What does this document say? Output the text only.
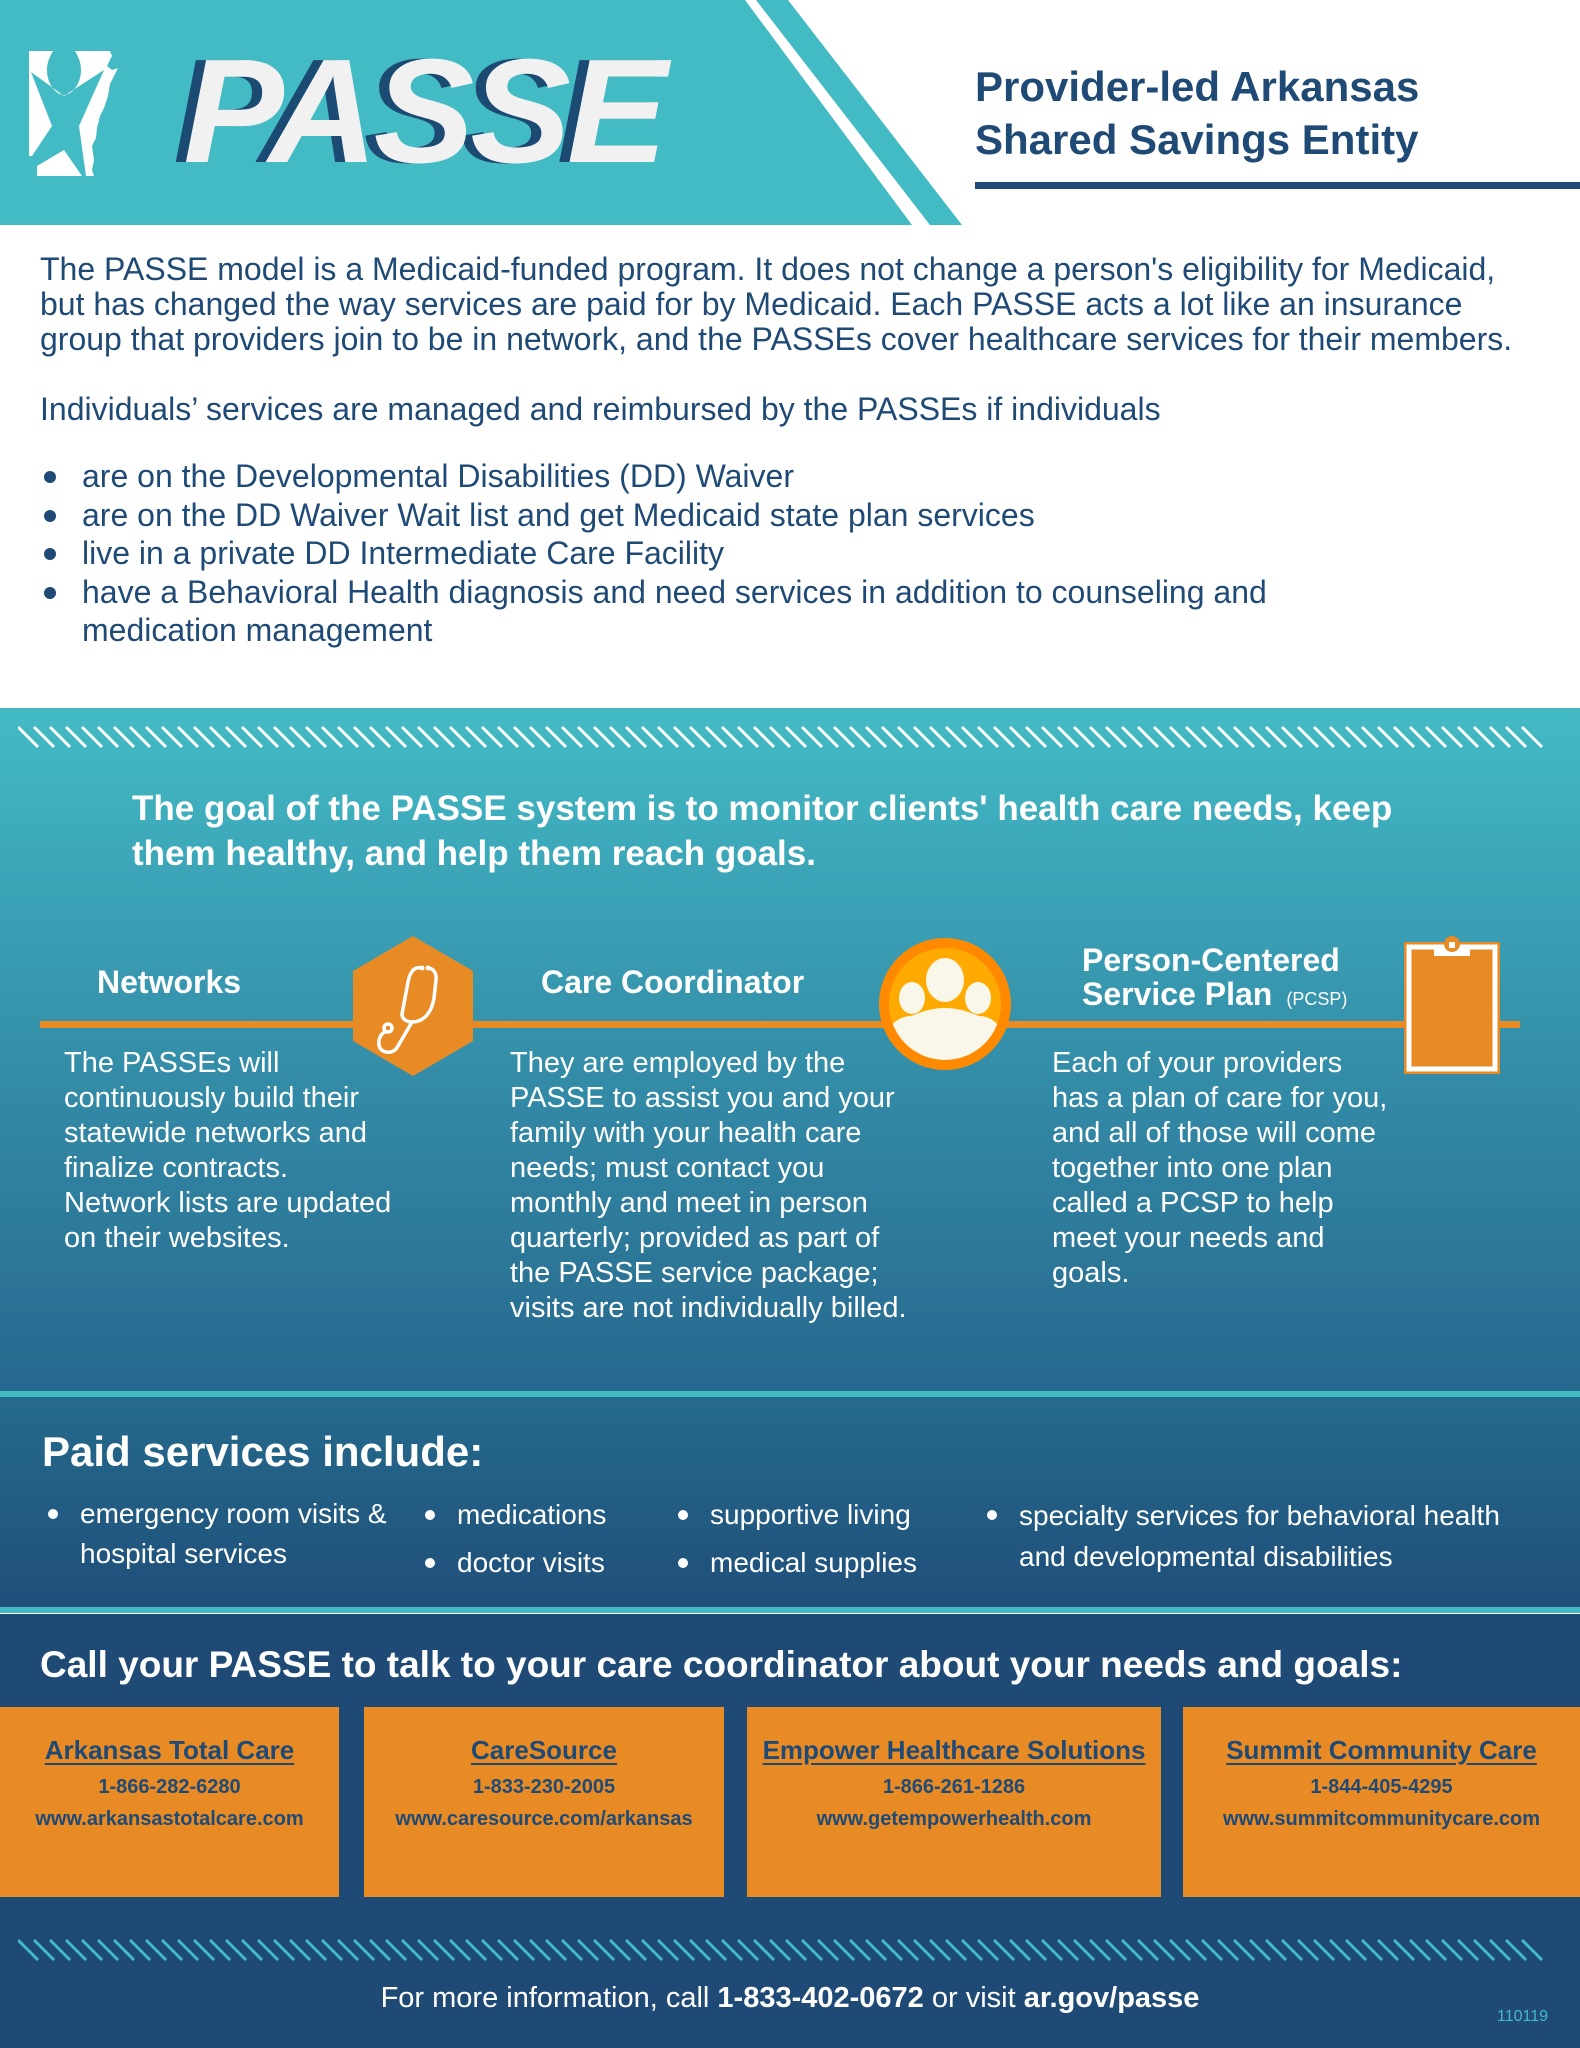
PASSE	Provider-led Arkansas
Shared Savings Entity

The PASSE model is a Medicaid-funded program. It does not change a person's eligibility for Medicaid, but has changed the way services are paid for by Medicaid. Each PASSE acts a lot like an insurance group that providers join to be in network, and the PASSEs cover healthcare services for their members.

Individuals’ services are managed and reimbursed by the PASSEs if individuals

are on the Developmental Disabilities (DD) Waiver
are on the DD Waiver Wait list and get Medicaid state plan services
live in a private DD Intermediate Care Facility
have a Behavioral Health diagnosis and need services in addition to counseling and medication management
The goal of the PASSE system is to monitor clients' health care needs, keep them healthy, and help them reach goals.
Networks
The PASSEs will continuously build their statewide networks and finalize contracts. Network lists are updated on their websites.
Care Coordinator
They are employed by the PASSE to assist you and your family with your health care needs; must contact you monthly and meet in person quarterly; provided as part of the PASSE service package; visits are not individually billed.
Person-Centered
Service Plan (PCSP)
Each of your providers has a plan of care for you, and all of those will come together into one plan called a PCSP to help meet your needs and goals.
Paid services include:
emergency room visits & hospital services
medications
doctor visits
supportive living
medical supplies
specialty services for behavioral health and developmental disabilities
Call your PASSE to talk to your care coordinator about your needs and goals:
Arkansas Total Care
1-866-282-6280
www.arkansastotalcare.com
CareSource
1-833-230-2005
www.caresource.com/arkansas
Empower Healthcare Solutions
1-866-261-1286
www.getempowerhealth.com
Summit Community Care
1-844-405-4295
www.summitcommunitycare.com
For more information, call 1-833-402-0672 or visit ar.gov/passe
110119
